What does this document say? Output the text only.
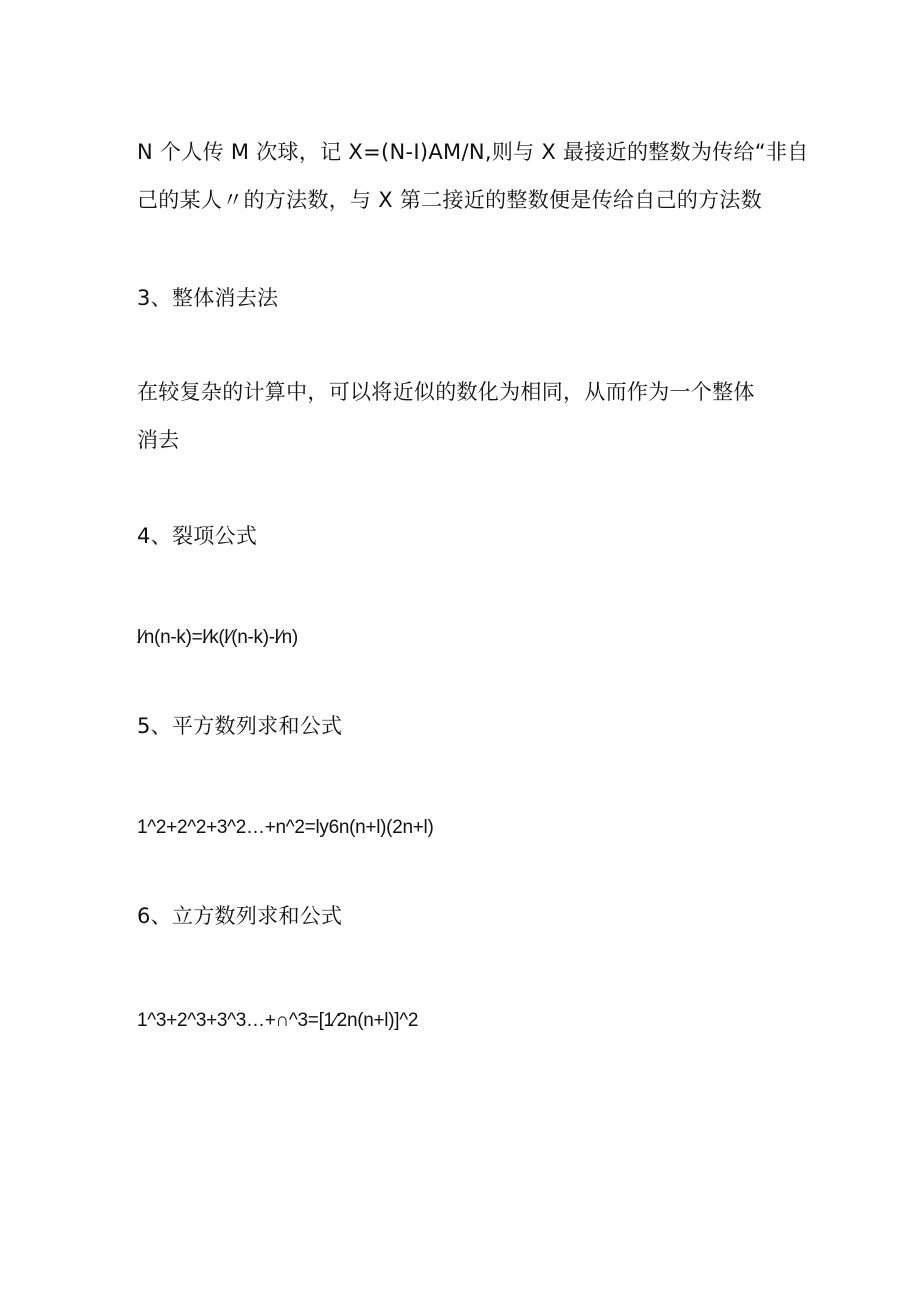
N 个人传 M 次球，记 X=(N-I)AM/N,则与 X 最接近的整数为传给“非自
己的某人〃的方法数，与 X 第二接近的整数便是传给自己的方法数
3、整体消去法
在较复杂的计算中，可以将近似的数化为相同，从而作为一个整体
消去
4、裂项公式
l∕n(n-k)=l∕k(l∕(n-k)-l∕n)
5、平方数列求和公式
1^2+2^2+3^2…+n^2=ly6n(n+l)(2n+l)
6、立方数列求和公式
1^3+2^3+3^3…+∩^3=[1∕2n(n+l)]^2
